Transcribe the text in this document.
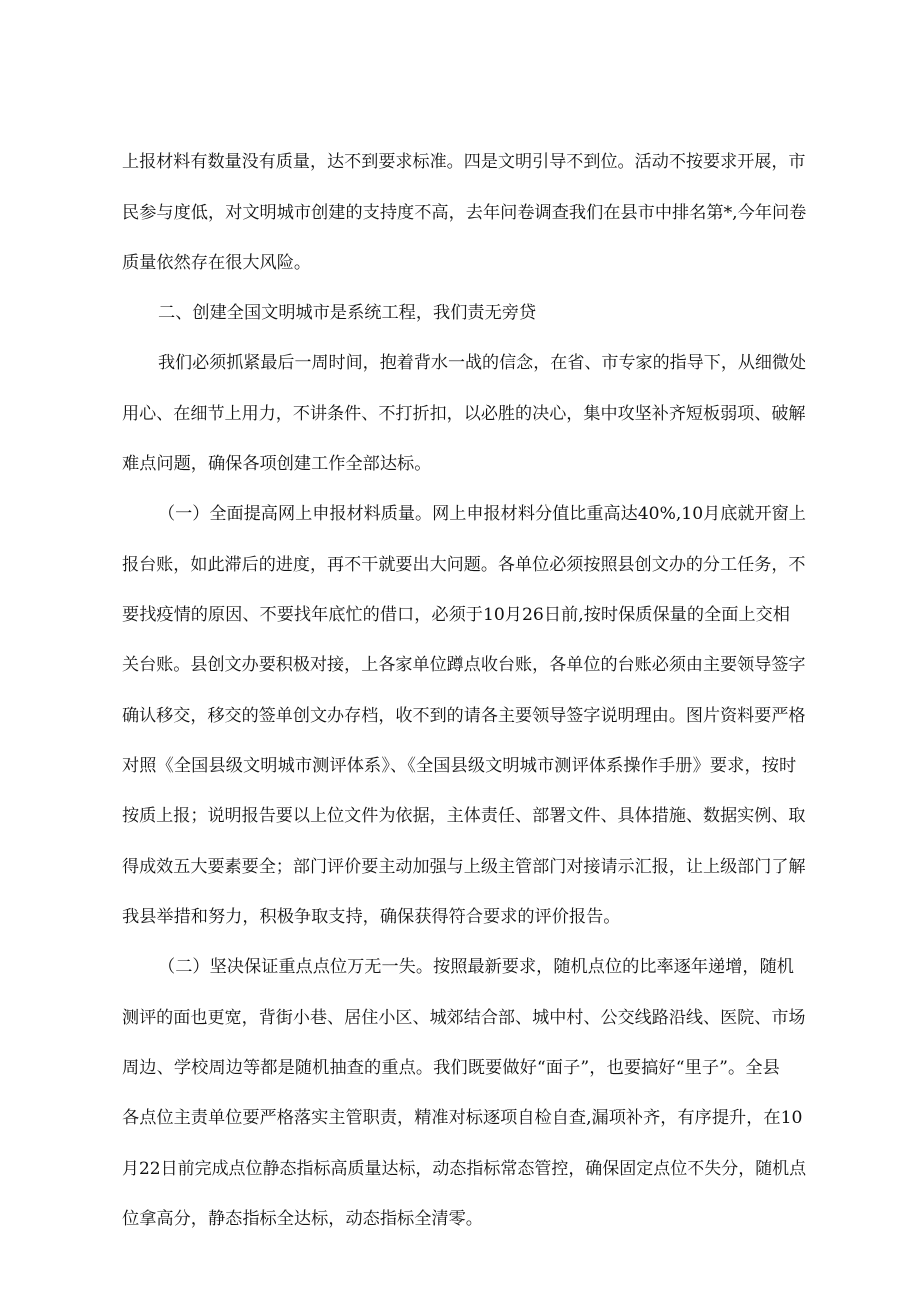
上报材料有数量没有质量，达不到要求标准。四是文明引导不到位。活动不按要求开展，市

民参与度低，对文明城市创建的支持度不高，去年问卷调查我们在县市中排名第*,今年问卷

质量依然存在很大风险。

二、创建全国文明城市是系统工程，我们责无旁贷

我们必须抓紧最后一周时间，抱着背水一战的信念，在省、市专家的指导下，从细微处

用心、在细节上用力，不讲条件、不打折扣，以必胜的决心，集中攻坚补齐短板弱项、破解

难点问题，确保各项创建工作全部达标。

（一）全面提高网上申报材料质量。网上申报材料分值比重高达40%,10月底就开窗上

报台账，如此滞后的进度，再不干就要出大问题。各单位必须按照县创文办的分工任务，不

要找疫情的原因、不要找年底忙的借口，必须于10月26日前,按时保质保量的全面上交相

关台账。县创文办要积极对接，上各家单位蹲点收台账，各单位的台账必须由主要领导签字

确认移交，移交的签单创文办存档，收不到的请各主要领导签字说明理由。图片资料要严格

对照《全国县级文明城市测评体系》、《全国县级文明城市测评体系操作手册》要求，按时

按质上报；说明报告要以上位文件为依据，主体责任、部署文件、具体措施、数据实例、取

得成效五大要素要全；部门评价要主动加强与上级主管部门对接请示汇报，让上级部门了解

我县举措和努力，积极争取支持，确保获得符合要求的评价报告。

（二）坚决保证重点点位万无一失。按照最新要求，随机点位的比率逐年递增，随机

测评的面也更宽，背街小巷、居住小区、城郊结合部、城中村、公交线路沿线、医院、市场

周边、学校周边等都是随机抽查的重点。我们既要做好“面子”，也要搞好“里子”。全县

各点位主责单位要严格落实主管职责，精准对标逐项自检自查,漏项补齐，有序提升，在10

月22日前完成点位静态指标高质量达标，动态指标常态管控，确保固定点位不失分，随机点

位拿高分，静态指标全达标，动态指标全清零。
